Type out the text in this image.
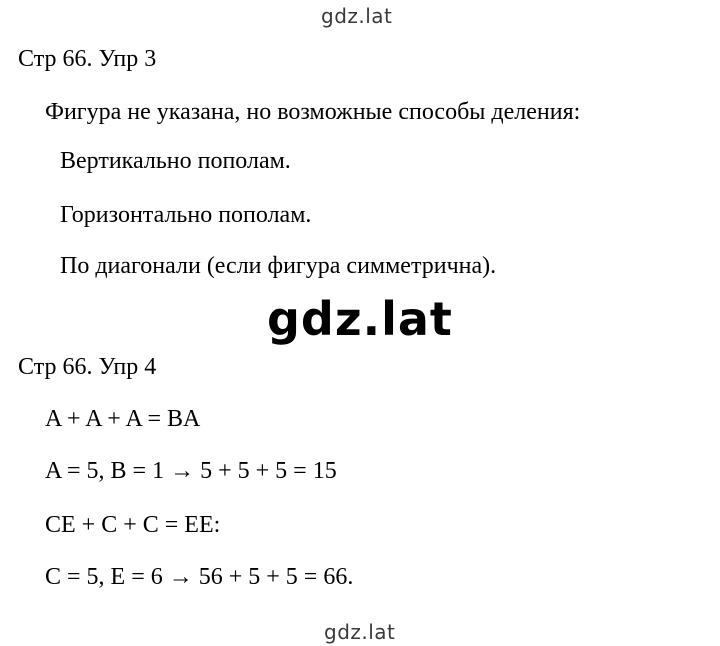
gdz.lat
Стр 66. Упр 3
Фигура не указана, но возможные способы деления:
Вертикально пополам.
Горизонтально пополам.
По диагонали (если фигура симметрична).
gdz.lat
Стр 66. Упр 4
A + A + A = BA
A = 5, B = 1 → 5 + 5 + 5 = 15
CE + C + C = EE:
C = 5, E = 6 → 56 + 5 + 5 = 66.
gdz.lat
